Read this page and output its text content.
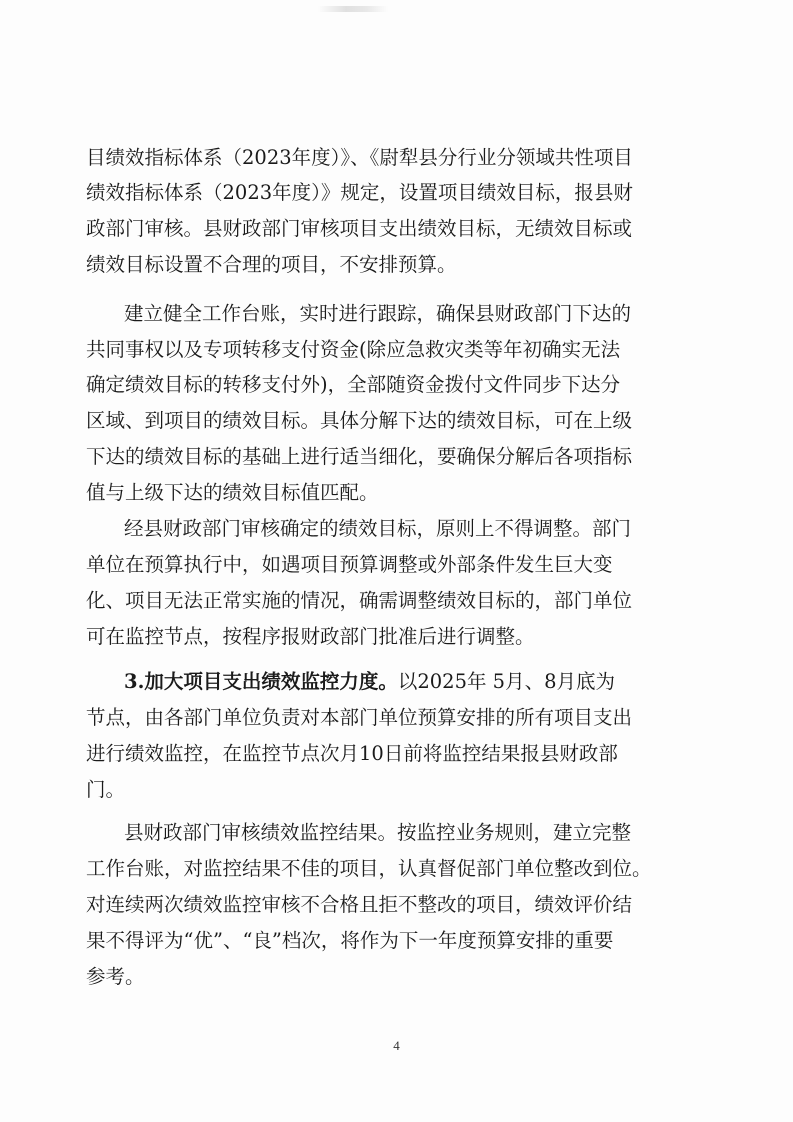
目绩效指标体系（2023年度）》、《尉犁县分行业分领域共性项目

绩效指标体系（2023年度）》规定，设置项目绩效目标，报县财

政部门审核。县财政部门审核项目支出绩效目标，无绩效目标或

绩效目标设置不合理的项目，不安排预算。

建立健全工作台账，实时进行跟踪，确保县财政部门下达的

共同事权以及专项转移支付资金(除应急救灾类等年初确实无法

确定绩效目标的转移支付外)，全部随资金拨付文件同步下达分

区域、到项目的绩效目标。具体分解下达的绩效目标，可在上级

下达的绩效目标的基础上进行适当细化，要确保分解后各项指标

值与上级下达的绩效目标值匹配。

经县财政部门审核确定的绩效目标，原则上不得调整。部门

单位在预算执行中，如遇项目预算调整或外部条件发生巨大变

化、项目无法正常实施的情况，确需调整绩效目标的，部门单位

可在监控节点，按程序报财政部门批准后进行调整。

3.加大项目支出绩效监控力度。以2025年 5月、8月底为

节点，由各部门单位负责对本部门单位预算安排的所有项目支出

进行绩效监控，在监控节点次月10日前将监控结果报县财政部

门。

县财政部门审核绩效监控结果。按监控业务规则，建立完整

工作台账，对监控结果不佳的项目，认真督促部门单位整改到位。

对连续两次绩效监控审核不合格且拒不整改的项目，绩效评价结

果不得评为“优”、“良”档次，将作为下一年度预算安排的重要

参考。

4
